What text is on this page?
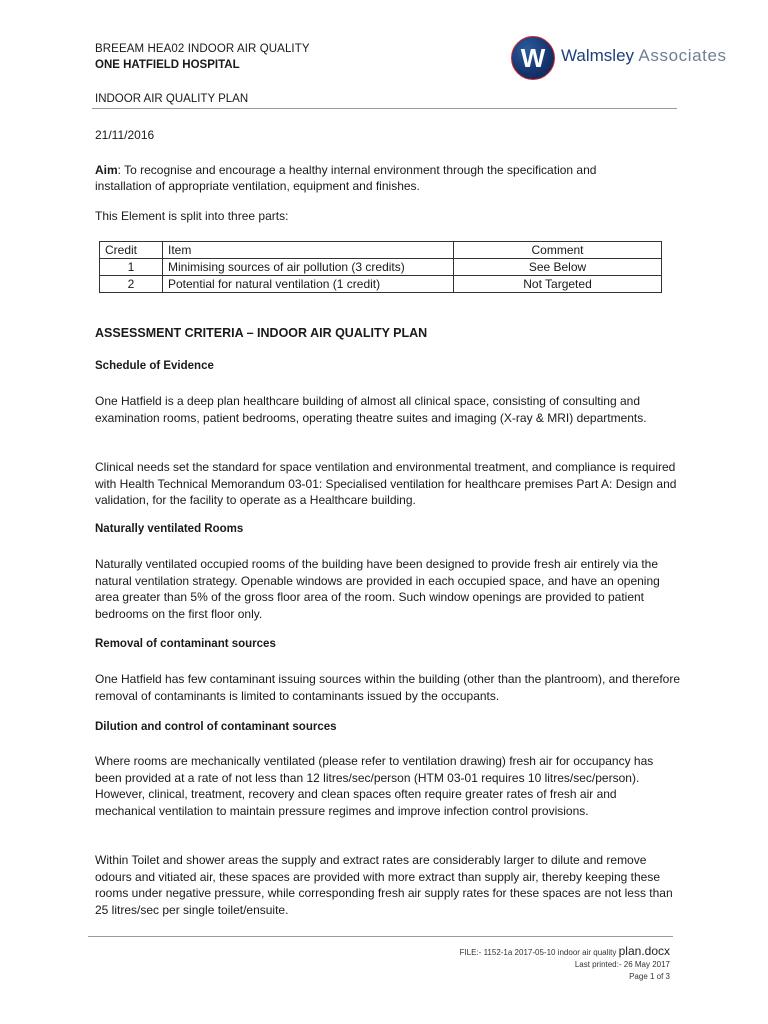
BREEAM HEA02 INDOOR AIR QUALITY
ONE HATFIELD HOSPITAL	W Walmsley Associates
INDOOR AIR QUALITY PLAN
21/11/2016
Aim: To recognise and encourage a healthy internal environment through the specification and installation of appropriate ventilation, equipment and finishes.
This Element is split into three parts:
Credit	Item	Comment
1	Minimising sources of air pollution (3 credits)	See Below
2	Potential for natural ventilation (1 credit)	Not Targeted
ASSESSMENT CRITERIA – INDOOR AIR QUALITY PLAN
Schedule of Evidence
One Hatfield is a deep plan healthcare building of almost all clinical space, consisting of consulting and examination rooms, patient bedrooms, operating theatre suites and imaging (X-ray & MRI) departments.
Clinical needs set the standard for space ventilation and environmental treatment, and compliance is required with Health Technical Memorandum 03-01: Specialised ventilation for healthcare premises Part A: Design and validation, for the facility to operate as a Healthcare building.
Naturally ventilated Rooms
Naturally ventilated occupied rooms of the building have been designed to provide fresh air entirely via the natural ventilation strategy. Openable windows are provided in each occupied space, and have an opening area greater than 5% of the gross floor area of the room. Such window openings are provided to patient bedrooms on the first floor only.
Removal of contaminant sources
One Hatfield has few contaminant issuing sources within the building (other than the plantroom), and therefore removal of contaminants is limited to contaminants issued by the occupants.
Dilution and control of contaminant sources
Where rooms are mechanically ventilated (please refer to ventilation drawing) fresh air for occupancy has been provided at a rate of not less than 12 litres/sec/person (HTM 03-01 requires 10 litres/sec/person). However, clinical, treatment, recovery and clean spaces often require greater rates of fresh air and mechanical ventilation to maintain pressure regimes and improve infection control provisions.
Within Toilet and shower areas the supply and extract rates are considerably larger to dilute and remove odours and vitiated air, these spaces are provided with more extract than supply air, thereby keeping these rooms under negative pressure, while corresponding fresh air supply rates for these spaces are not less than 25 litres/sec per single toilet/ensuite.
FILE:- 1152-1a 2017-05-10 indoor air quality plan.docx
Last printed:- 26 May 2017
Page 1 of 3
